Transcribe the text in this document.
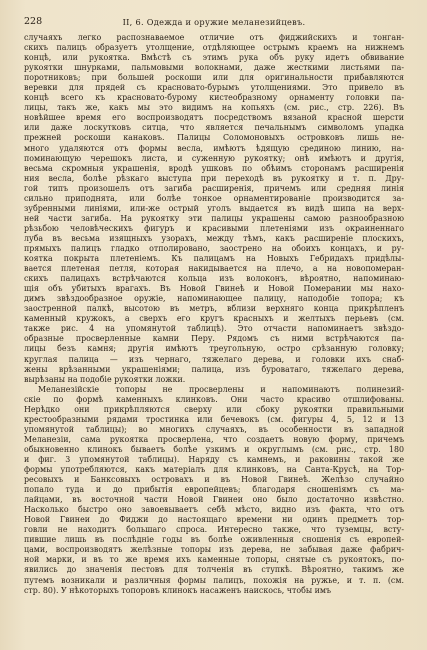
228	II, 6. Одежда и оружие меланезийцевъ.
случаяхъ легко распознаваемое отличие отъ фиджийскихъ и тонган-
скихъ палицъ образуетъ утолщение, отдѣляющее острымъ краемъ на нижнемъ
концѣ, или рукоятка. Вмѣстѣ съ этимъ рука объ руку идетъ обвивание
рукоятки шнурками, пальмовыми волокнами, даже жесткими листьями па-
поротниковъ; при большей роскоши или для оригинальности прибавляются
веревки для прядей съ красновато-бурымъ утолщениями. Это привело въ
концѣ всего къ красновато-бурому кистеобразному орнаменту головки па-
лицы, такъ же, какъ мы это видимъ на копьяхъ (см. рис., стр. 226). Въ
новѣйшее время его воспроизводятъ посредствомъ вязаной красной шерсти
или даже лоскутковъ ситца, что является печальнымъ символомъ упадка
прежней роскоши канаковъ. Палицы Соломоновыхъ островковъ лишь не-
много удаляются отъ формы весла, имѣютъ ѣдящую срединою линию, на-
поминающую черешокъ листа, и суженную рукоятку; онѣ имѣютъ и другія,
весьма скромныя украшенія, вродѣ ушковъ по обѣимъ сторонамъ расширенія
ния весла, болѣе рѣзкаго выступа при переходѣ въ рукоятку и т. п. Дру-
гой типъ произошелъ отъ загиба расширенія, причемъ или средняя линія
сильно приподнята, или болѣе тонкое орнаментированіе производится за-
зубренными линіями, или-же острый уголъ выдается въ видѣ шипа на верх-
ней части загиба. На рукоятку эти палицы украшены самою разнообразною
рѣзьбою человѣческихъ фигуръ и красивыми плетеніями изъ окраиненнаго
луба въ весьма изящныхъ узорахъ, между тѣмъ, какъ расширеніе плоскихъ,
прямыхъ палицъ гладко отполировано, заострено на обоихъ концахъ, и ру-
коятка покрыта плетеніемъ. Къ палицамъ на Новыхъ Гебридахъ придѣлы-
вается плетеная петля, которая накидывается на плечо, а на новопомеран-
скихъ палицахъ встрѣчаются кольца изъ волоконъ, вѣроятно, напоминаю-
щія объ убитыхъ врагахъ. Въ Новой Гвинеѣ и Новой Померании мы нахо-
димъ звѣздообразное оружіе, напоминающее палицу, наподобіе топора; къ
заостренной палкѣ, высотою въ метръ, вблизи верхняго конца прикрѣпленъ
каменный кружокъ, а сверхъ его кругъ красныхъ и желтыхъ перьевъ (см.
также рис. 4 на упомянутой таблицѣ). Это отчасти напоминаетъ звѣздо-
образные просверленные камни Перу. Рядомъ съ ними встрѣчаются па-
лицы безъ камня; другія имѣютъ треугольную, остро срѣзанную головку;
круглая палица — изъ чернаго, тяжелаго дерева, и головки ихъ снаб-
жены врѣзанными украшеніями; палица, изъ буроватаго, тяжелаго дерева,
вырѣзаны на подобіе рукоятки ложки.
Меланезійскіе топоры не просверлены и напоминаютъ полинезий-
скіе по формѣ каменныхъ клинковъ. Они часто красиво отшлифованы.
Нерѣдко они прикрѣпляются сверху или сбоку рукоятки правильными
крестообразными рядами тростинка или бечевокъ (см. фигуры 4, 5, 12 и 13
упомянутой таблицы); во многихъ случаяхъ, въ особенности въ западной
Меланезіи, сама рукоятка просверлена, что создаетъ новую форму, причемъ
обыкновенно клинокъ бываетъ болѣе узкимъ и округлымъ (см. рис., стр. 180
и фиг. 3 упомянутой таблицы). Наряду съ камнемъ, и раковины такой же
формы употребляются, какъ матеріалъ для клинковъ, на Санта-Крусѣ, на Тор-
ресовыхъ и Банксовыхъ островахъ и въ Новой Гвинеѣ. Желѣзо случайно
попало туда и до прибытія европейцевъ; благодаря сношеніямъ съ ма-
лайцами, въ восточной части Новой Гвинеи оно было достаточно извѣстно.
Насколько быстро оно завоевываетъ себѣ мѣсто, видно изъ факта, что отъ
Новой Гвинеи до Фиджи до настоящаго времени ни одинъ предметъ тор-
говли не находитъ большаго спроса. Интересно также, что туземцы, всту-
пившие лишь въ послѣдніе годы въ болѣе оживленныя сношенія съ европей-
цами, воспроизводятъ желѣзные топоры изъ дерева, не забывая даже фабрич-
ной марки, и въ то же время ихъ каменные топоры, снятые съ рукоятокъ, по-
явились до значенія пестовъ для толченія въ ступкѣ. Вѣроятно, такимъ же
путемъ возникали и различныя формы палицъ, похожія на ружье, и т. п. (см.
стр. 80). У нѣкоторыхъ топоровъ клинокъ насаженъ наискось, чтобы имъ
